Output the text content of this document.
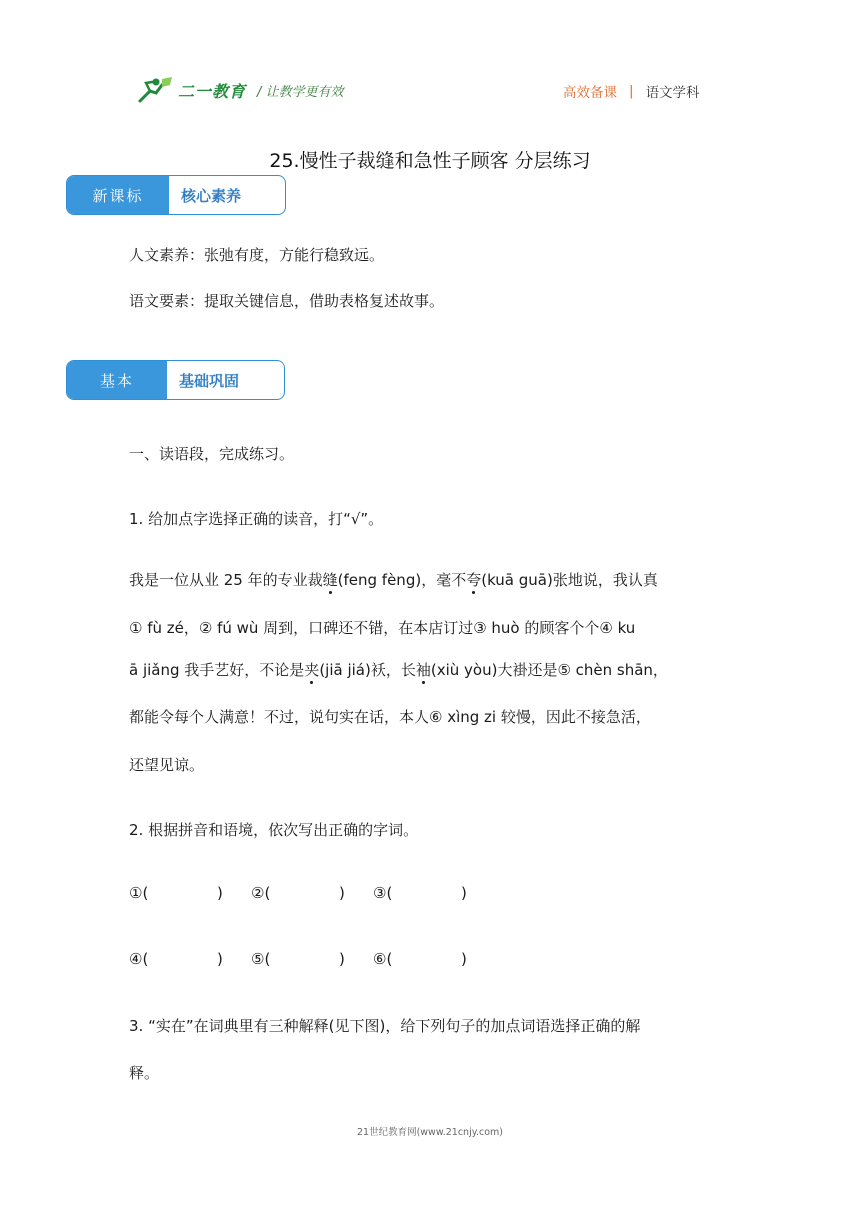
二一教育 / 让教学更有效	高效备课 | 语文学科
25.慢性子裁缝和急性子顾客 分层练习
新课标	核心素养
人文素养：张弛有度，方能行稳致远。
语文要素：提取关键信息，借助表格复述故事。
基本	基础巩固
一、读语段，完成练习。
1. 给加点字选择正确的读音，打“√”。
我是一位从业 25 年的专业裁缝(feng fèng)，毫不夸(kuā guā)张地说，我认真
① fù zé，② fú wù 周到，口碑还不错，在本店订过③ huò 的顾客个个④ ku
ā jiǎng 我手艺好，不论是夹(jiā jiá)袄，长袖(xiù yòu)大褂还是⑤ chèn shān，
都能令每个人满意！不过，说句实在话，本人⑥ xìng zi 较慢，因此不接急活，
还望见谅。
2. 根据拼音和语境，依次写出正确的字词。
①(	) ②(	) ③(	)
④(	) ⑤(	) ⑥(	)
3. “实在”在词典里有三种解释(见下图)，给下列句子的加点词语选择正确的解
释。
21世纪教育网(www.21cnjy.com)
